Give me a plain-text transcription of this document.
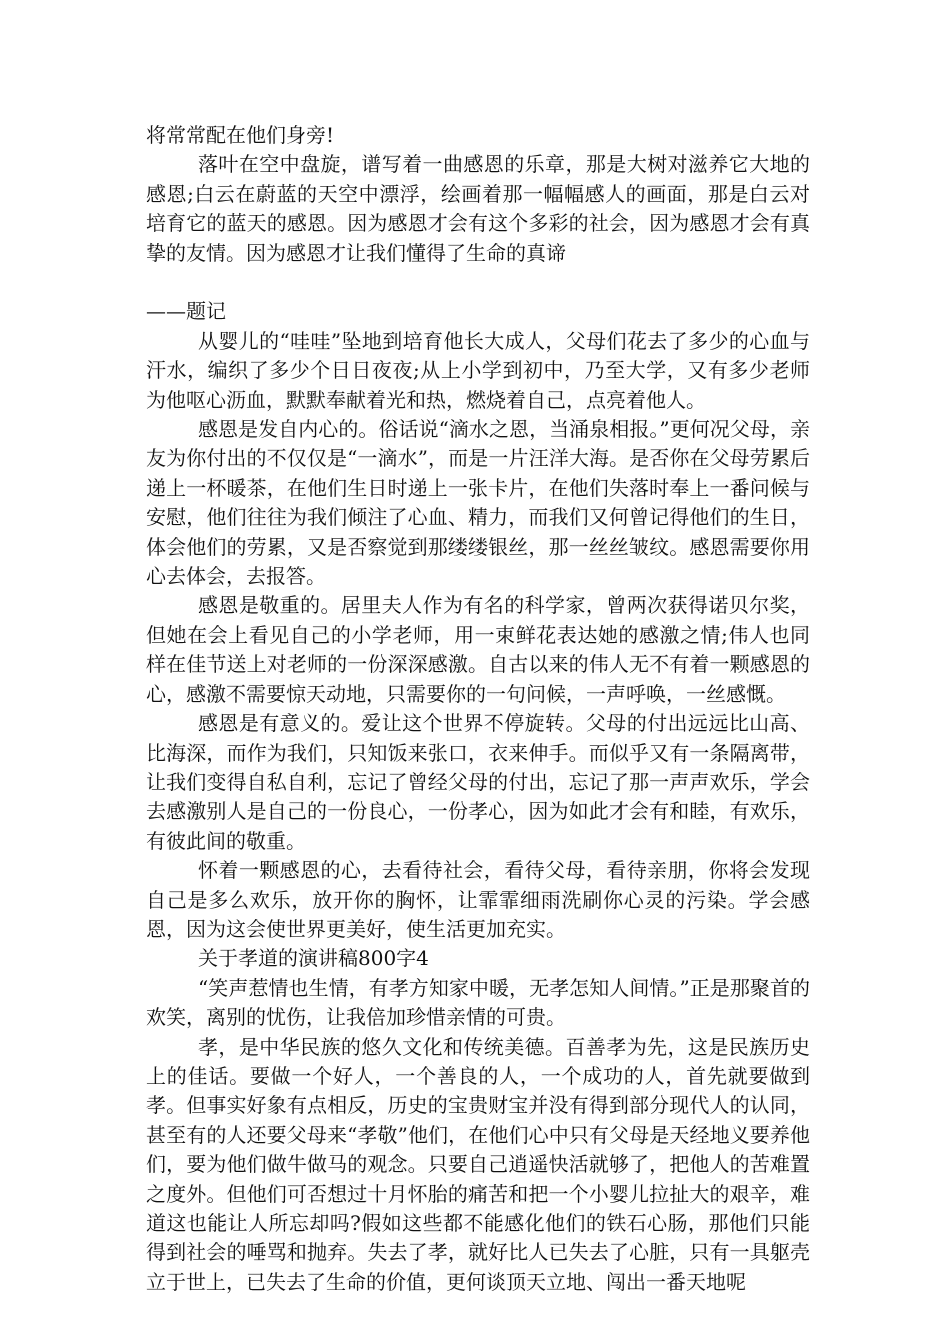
将常常配在他们身旁!

落叶在空中盘旋，谱写着一曲感恩的乐章，那是大树对滋养它大地的感恩;白云在蔚蓝的天空中漂浮，绘画着那一幅幅感人的画面，那是白云对培育它的蓝天的感恩。因为感恩才会有这个多彩的社会，因为感恩才会有真挚的友情。因为感恩才让我们懂得了生命的真谛

——题记

从婴儿的“哇哇”坠地到培育他长大成人，父母们花去了多少的心血与汗水，编织了多少个日日夜夜;从上小学到初中，乃至大学，又有多少老师为他呕心沥血，默默奉献着光和热，燃烧着自己，点亮着他人。

感恩是发自内心的。俗话说“滴水之恩，当涌泉相报。”更何况父母，亲友为你付出的不仅仅是“一滴水”，而是一片汪洋大海。是否你在父母劳累后递上一杯暖茶，在他们生日时递上一张卡片，在他们失落时奉上一番问候与安慰，他们往往为我们倾注了心血、精力，而我们又何曾记得他们的生日，体会他们的劳累，又是否察觉到那缕缕银丝，那一丝丝皱纹。感恩需要你用心去体会，去报答。

感恩是敬重的。居里夫人作为有名的科学家，曾两次获得诺贝尔奖，但她在会上看见自己的小学老师，用一束鲜花表达她的感激之情;伟人也同样在佳节送上对老师的一份深深感激。自古以来的伟人无不有着一颗感恩的心，感激不需要惊天动地，只需要你的一句问候，一声呼唤，一丝感慨。

感恩是有意义的。爱让这个世界不停旋转。父母的付出远远比山高、比海深，而作为我们，只知饭来张口，衣来伸手。而似乎又有一条隔离带，让我们变得自私自利，忘记了曾经父母的付出，忘记了那一声声欢乐，学会去感激别人是自己的一份良心，一份孝心，因为如此才会有和睦，有欢乐，有彼此间的敬重。

怀着一颗感恩的心，去看待社会，看待父母，看待亲朋，你将会发现自己是多么欢乐，放开你的胸怀，让霏霏细雨洗刷你心灵的污染。学会感恩，因为这会使世界更美好，使生活更加充实。

关于孝道的演讲稿800字4

“笑声惹情也生情，有孝方知家中暖，无孝怎知人间情。”正是那聚首的欢笑，离别的忧伤，让我倍加珍惜亲情的可贵。

孝，是中华民族的悠久文化和传统美德。百善孝为先，这是民族历史上的佳话。要做一个好人，一个善良的人，一个成功的人，首先就要做到孝。但事实好象有点相反，历史的宝贵财宝并没有得到部分现代人的认同，甚至有的人还要父母来“孝敬”他们，在他们心中只有父母是天经地义要养他们，要为他们做牛做马的观念。只要自己逍遥快活就够了，把他人的苦难置之度外。但他们可否想过十月怀胎的痛苦和把一个小婴儿拉扯大的艰辛，难道这也能让人所忘却吗?假如这些都不能感化他们的铁石心肠，那他们只能得到社会的唾骂和抛弃。失去了孝，就好比人已失去了心脏，只有一具躯壳立于世上，已失去了生命的价值，更何谈顶天立地、闯出一番天地呢
